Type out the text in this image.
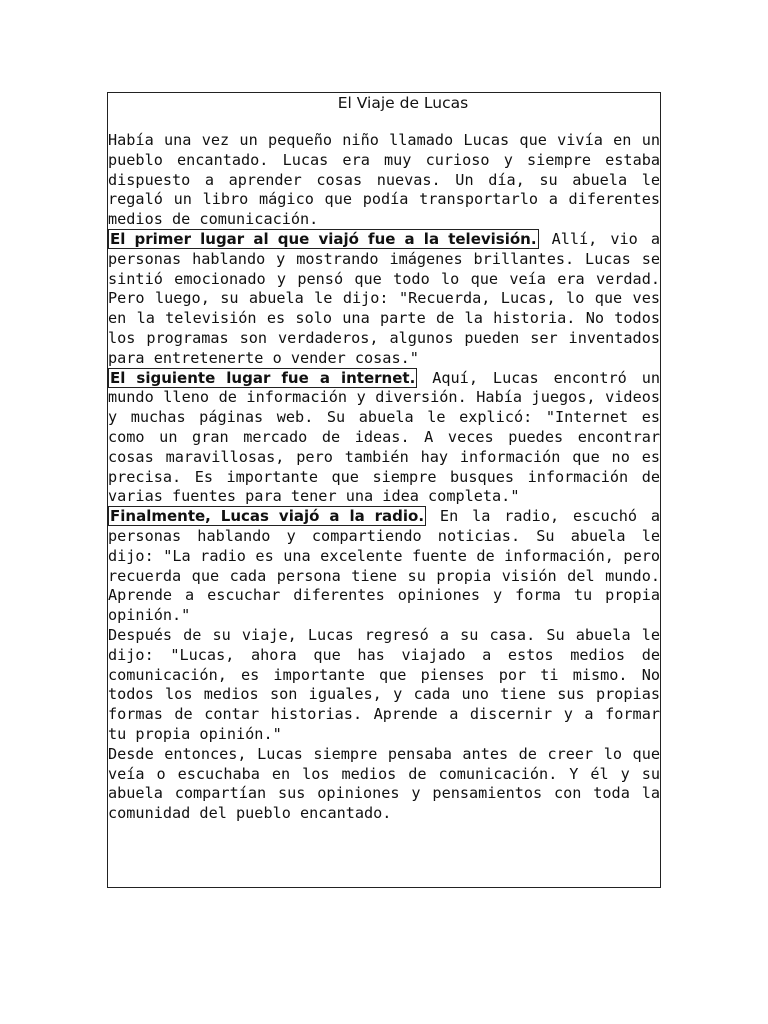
El Viaje de Lucas

Había una vez un pequeño niño llamado Lucas que vivía en un pueblo encantado. Lucas era muy curioso y siempre estaba dispuesto a aprender cosas nuevas. Un día, su abuela le regaló un libro mágico que podía transportarlo a diferentes medios de comunicación.

El primer lugar al que viajó fue a la televisión. Allí, vio a personas hablando y mostrando imágenes brillantes. Lucas se sintió emocionado y pensó que todo lo que veía era verdad. Pero luego, su abuela le dijo: "Recuerda, Lucas, lo que ves en la televisión es solo una parte de la historia. No todos los programas son verdaderos, algunos pueden ser inventados para entretenerte o vender cosas."

El siguiente lugar fue a internet. Aquí, Lucas encontró un mundo lleno de información y diversión. Había juegos, videos y muchas páginas web. Su abuela le explicó: "Internet es como un gran mercado de ideas. A veces puedes encontrar cosas maravillosas, pero también hay información que no es precisa. Es importante que siempre busques información de varias fuentes para tener una idea completa."

Finalmente, Lucas viajó a la radio. En la radio, escuchó a personas hablando y compartiendo noticias. Su abuela le dijo: "La radio es una excelente fuente de información, pero recuerda que cada persona tiene su propia visión del mundo. Aprende a escuchar diferentes opiniones y forma tu propia opinión."

Después de su viaje, Lucas regresó a su casa. Su abuela le dijo: "Lucas, ahora que has viajado a estos medios de comunicación, es importante que pienses por ti mismo. No todos los medios son iguales, y cada uno tiene sus propias formas de contar historias. Aprende a discernir y a formar tu propia opinión."

Desde entonces, Lucas siempre pensaba antes de creer lo que veía o escuchaba en los medios de comunicación. Y él y su abuela compartían sus opiniones y pensamientos con toda la comunidad del pueblo encantado.
